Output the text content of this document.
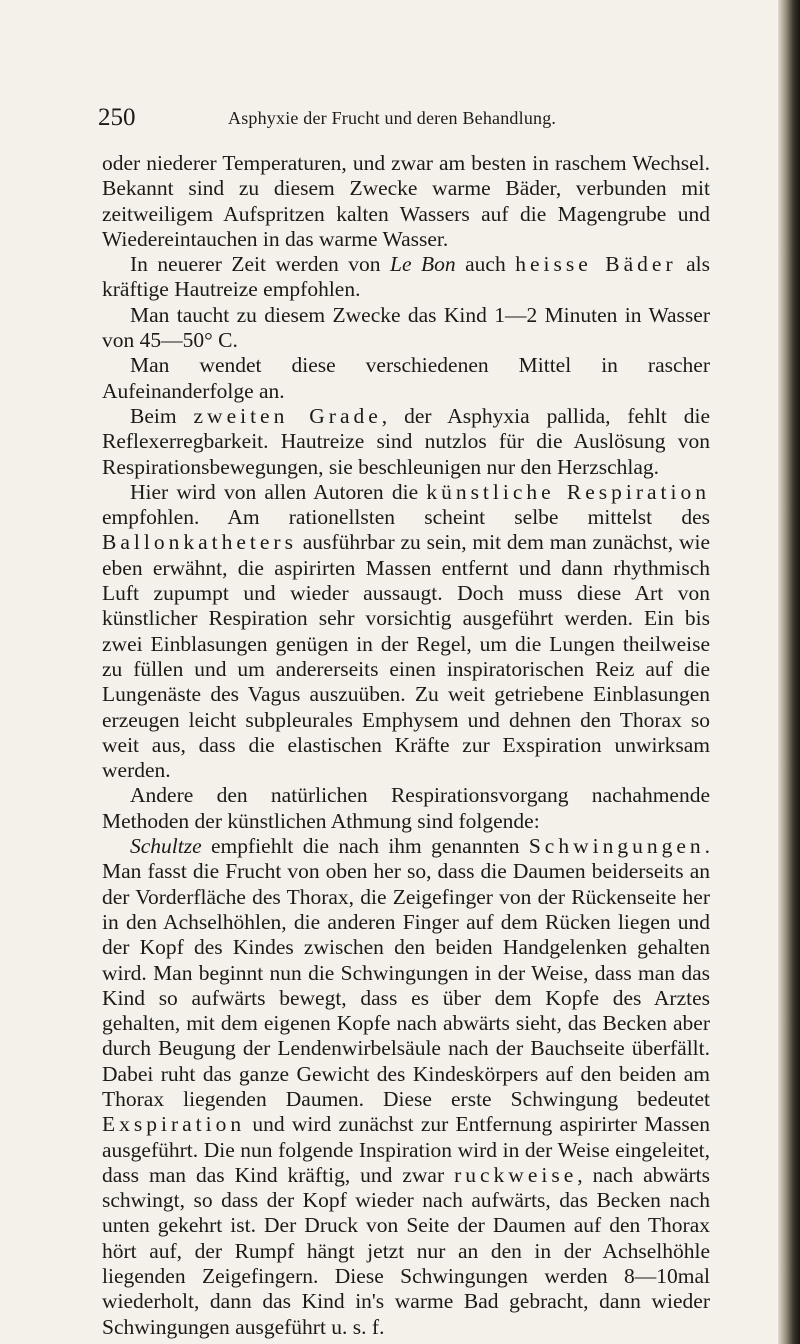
250	Asphyxie der Frucht und deren Behandlung.

oder niederer Temperaturen, und zwar am besten in raschem Wechsel. Bekannt sind zu diesem Zwecke warme Bäder, verbunden mit zeitweiligem Aufspritzen kalten Wassers auf die Magengrube und Wiedereintauchen in das warme Wasser.

In neuerer Zeit werden von Le Bon auch heisse Bäder als kräftige Hautreize empfohlen.

Man taucht zu diesem Zwecke das Kind 1—2 Minuten in Wasser von 45—50° C.

Man wendet diese verschiedenen Mittel in rascher Aufeinanderfolge an.

Beim zweiten Grade, der Asphyxia pallida, fehlt die Reflexerregbarkeit. Hautreize sind nutzlos für die Auslösung von Respirationsbewegungen, sie beschleunigen nur den Herzschlag.

Hier wird von allen Autoren die künstliche Respiration empfohlen. Am rationellsten scheint selbe mittelst des Ballonkatheters ausführbar zu sein, mit dem man zunächst, wie eben erwähnt, die aspirirten Massen entfernt und dann rhythmisch Luft zupumpt und wieder aussaugt. Doch muss diese Art von künstlicher Respiration sehr vorsichtig ausgeführt werden. Ein bis zwei Einblasungen genügen in der Regel, um die Lungen theilweise zu füllen und um andererseits einen inspiratorischen Reiz auf die Lungenäste des Vagus auszuüben. Zu weit getriebene Einblasungen erzeugen leicht subpleurales Emphysem und dehnen den Thorax so weit aus, dass die elastischen Kräfte zur Exspiration unwirksam werden.

Andere den natürlichen Respirationsvorgang nachahmende Methoden der künstlichen Athmung sind folgende:

Schultze empfiehlt die nach ihm genannten Schwingungen. Man fasst die Frucht von oben her so, dass die Daumen beiderseits an der Vorderfläche des Thorax, die Zeigefinger von der Rückenseite her in den Achselhöhlen, die anderen Finger auf dem Rücken liegen und der Kopf des Kindes zwischen den beiden Handgelenken gehalten wird. Man beginnt nun die Schwingungen in der Weise, dass man das Kind so aufwärts bewegt, dass es über dem Kopfe des Arztes gehalten, mit dem eigenen Kopfe nach abwärts sieht, das Becken aber durch Beugung der Lendenwirbelsäule nach der Bauchseite überfällt. Dabei ruht das ganze Gewicht des Kindeskörpers auf den beiden am Thorax liegenden Daumen. Diese erste Schwingung bedeutet Exspiration und wird zunächst zur Entfernung aspirirter Massen ausgeführt. Die nun folgende Inspiration wird in der Weise eingeleitet, dass man das Kind kräftig, und zwar ruckweise, nach abwärts schwingt, so dass der Kopf wieder nach aufwärts, das Becken nach unten gekehrt ist. Der Druck von Seite der Daumen auf den Thorax hört auf, der Rumpf hängt jetzt nur an den in der Achselhöhle liegenden Zeigefingern. Diese Schwingungen werden 8—10mal wiederholt, dann das Kind in's warme Bad gebracht, dann wieder Schwingungen ausgeführt u. s. f.
